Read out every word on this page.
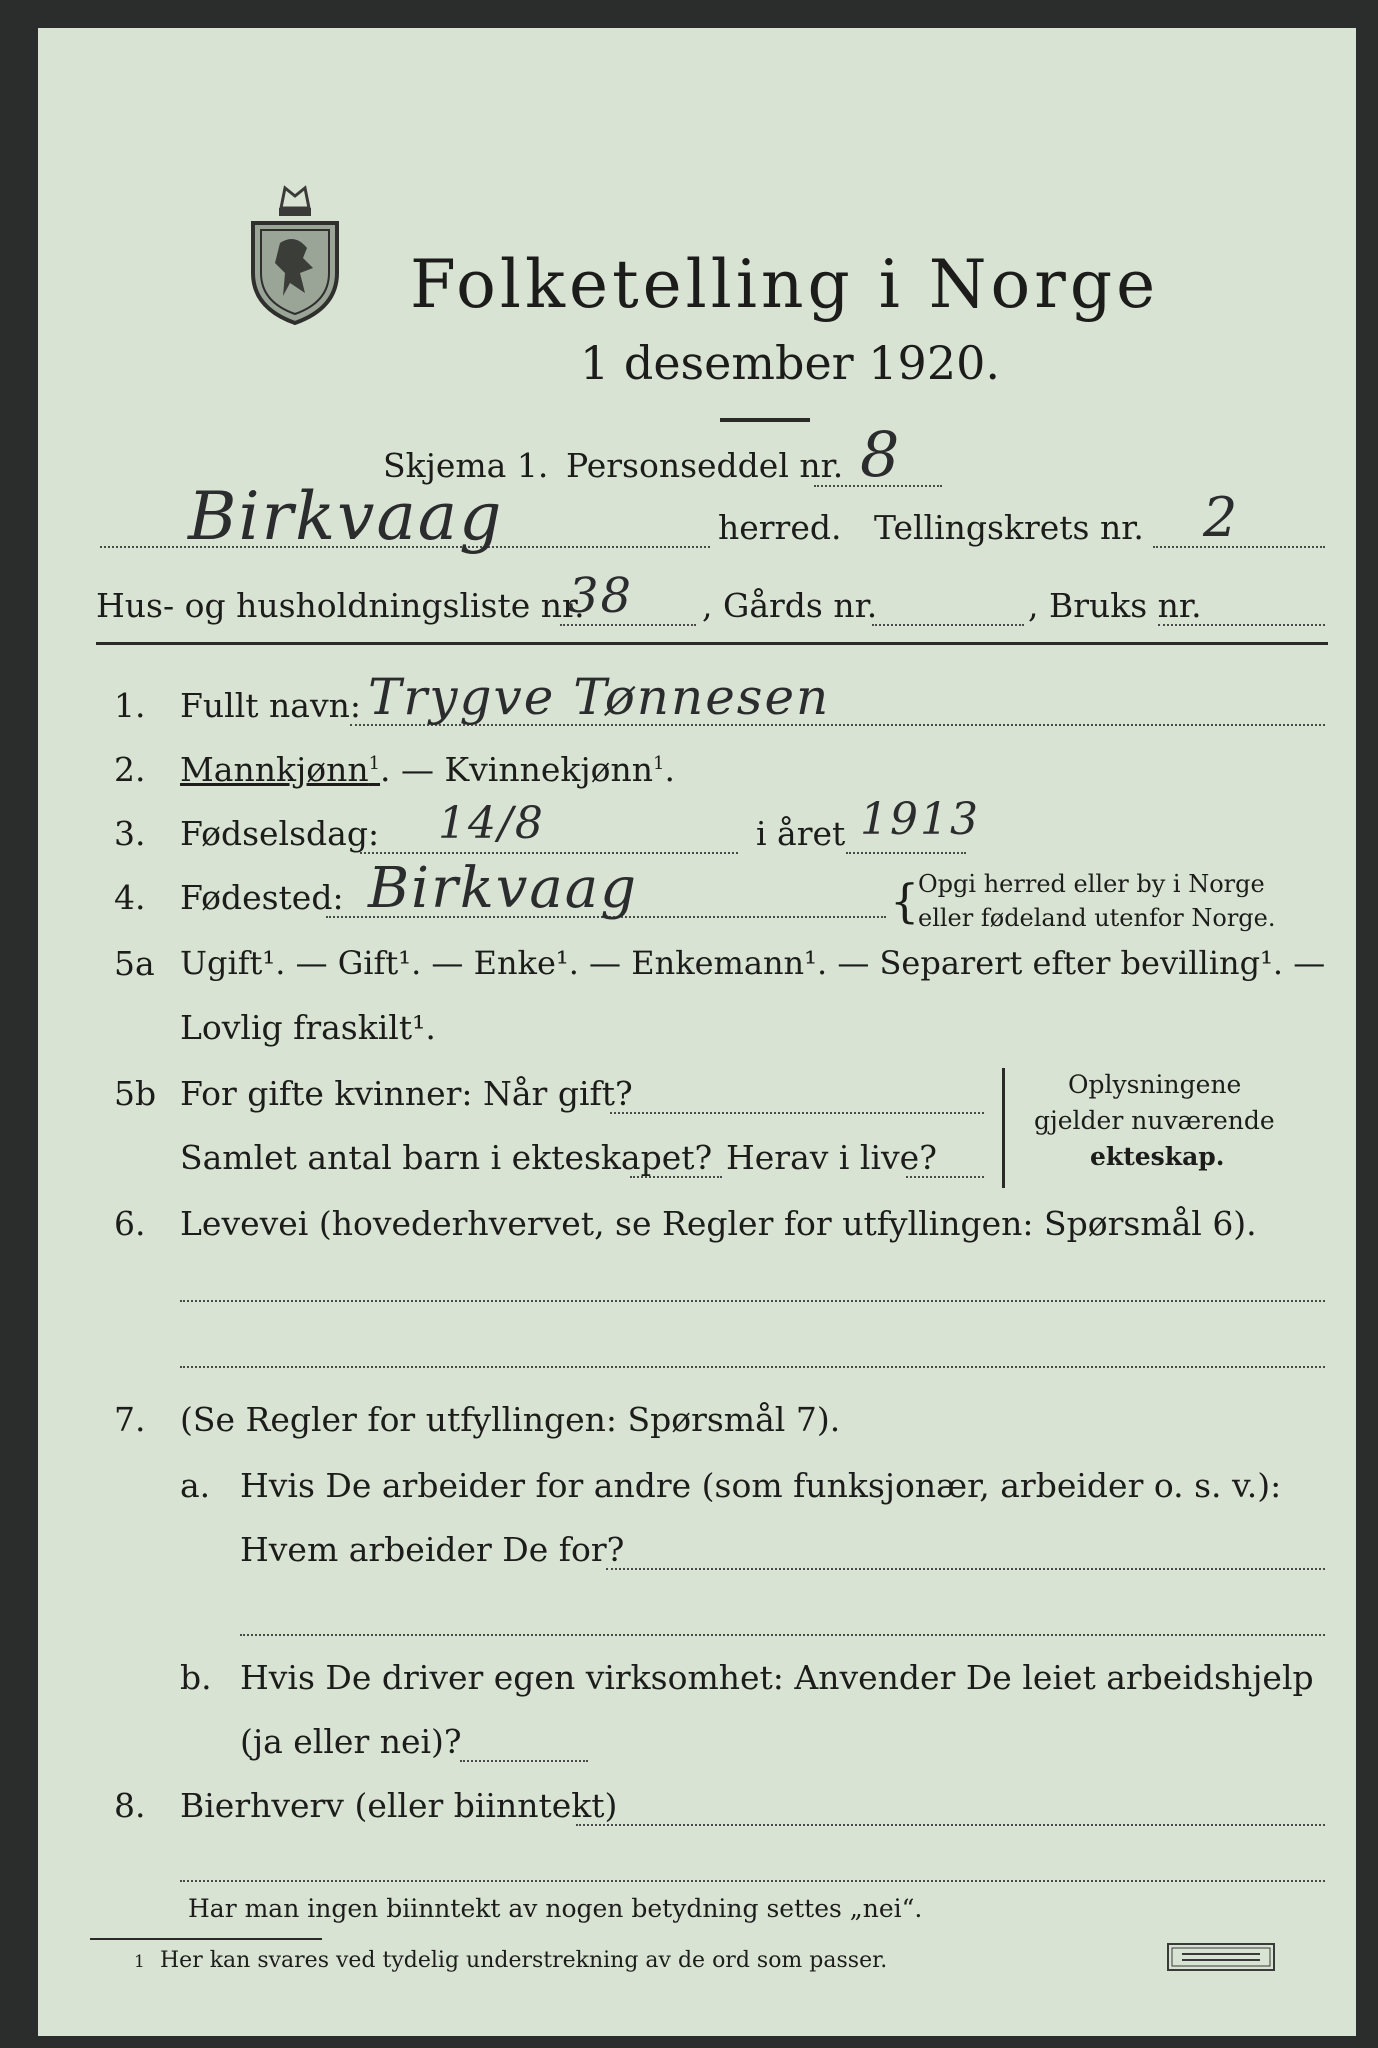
Folketelling i Norge
1 desember 1920.
Skjema 1. Personseddel nr. 8
Birkvaag	herred. Tellingskrets nr. 2
Hus- og husholdningsliste nr.
38 , Gårds nr.	, Bruks nr.
1. Fullt navn: Trygve Tønnesen
2. Mannkjønn$^1$. — Kvinnekjønn$^1$.
3. Fødselsdag: 14/8	i året 1913
4. Fødested: Birkvaag	{
Opgi herred eller by i Norge
eller fødeland utenfor Norge.
5a Ugift¹. — Gift¹. — Enke¹. — Enkemann¹. — Separert efter bevilling¹. —
Lovlig fraskilt¹.
5b For gifte kvinner: Når gift?
Samlet antal barn i ekteskapet? Herav i live?
Oplysningene
gjelder nuværende
ekteskap.
6. Levevei (hovederhvervet, se Regler for utfyllingen: Spørsmål 6).
7. (Se Regler for utfyllingen: Spørsmål 7).
a. Hvis De arbeider for andre (som funksjonær, arbeider o. s. v.):
Hvem arbeider De for?
b. Hvis De driver egen virksomhet: Anvender De leiet arbeidshjelp
(ja eller nei)?
8. Bierhverv (eller biinntekt)
Har man ingen biinntekt av nogen betydning settes „nei“.
1 Her kan svares ved tydelig understrekning av de ord som passer.
